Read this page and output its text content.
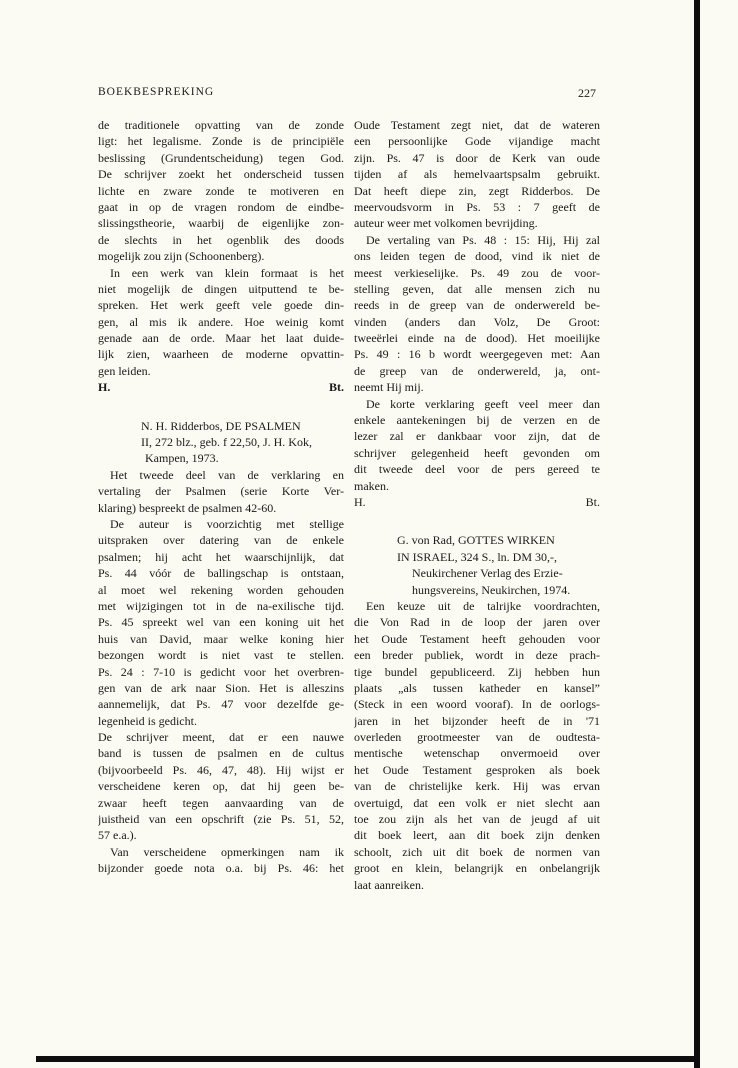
BOEKBESPREKING	227
de traditionele opvatting van de zonde
ligt: het legalisme. Zonde is de principiële
beslissing (Grundentscheidung) tegen God.
De schrijver zoekt het onderscheid tussen
lichte en zware zonde te motiveren en
gaat in op de vragen rondom de eindbe-
slissingstheorie, waarbij de eigenlijke zon-
de slechts in het ogenblik des doods
mogelijk zou zijn (Schoonenberg).
In een werk van klein formaat is het
niet mogelijk de dingen uitputtend te be-
spreken. Het werk geeft vele goede din-
gen, al mis ik andere. Hoe weinig komt
genade aan de orde. Maar het laat duide-
lijk zien, waarheen de moderne opvattin-
gen leiden.
H.	Bt.
N. H. Ridderbos, DE PSALMEN
II, 272 blz., geb. f 22,50, J. H. Kok,
Kampen, 1973.
Het tweede deel van de verklaring en
vertaling der Psalmen (serie Korte Ver-
klaring) bespreekt de psalmen 42-60.
De auteur is voorzichtig met stellige
uitspraken over datering van de enkele
psalmen; hij acht het waarschijnlijk, dat
Ps. 44 vóór de ballingschap is ontstaan,
al moet wel rekening worden gehouden
met wijzigingen tot in de na-exilische tijd.
Ps. 45 spreekt wel van een koning uit het
huis van David, maar welke koning hier
bezongen wordt is niet vast te stellen.
Ps. 24 : 7-10 is gedicht voor het overbren-
gen van de ark naar Sion. Het is alleszins
aannemelijk, dat Ps. 47 voor dezelfde ge-
legenheid is gedicht.
De schrijver meent, dat er een nauwe
band is tussen de psalmen en de cultus
(bijvoorbeeld Ps. 46, 47, 48). Hij wijst er
verscheidene keren op, dat hij geen be-
zwaar heeft tegen aanvaarding van de
juistheid van een opschrift (zie Ps. 51, 52,
57 e.a.).
Van verscheidene opmerkingen nam ik
bijzonder goede nota o.a. bij Ps. 46: het
Oude Testament zegt niet, dat de wateren
een persoonlijke Gode vijandige macht
zijn. Ps. 47 is door de Kerk van oude
tijden af als hemelvaartspsalm gebruikt.
Dat heeft diepe zin, zegt Ridderbos. De
meervoudsvorm in Ps. 53 : 7 geeft de
auteur weer met volkomen bevrijding.
De vertaling van Ps. 48 : 15: Hij, Hij zal
ons leiden tegen de dood, vind ik niet de
meest verkieselijke. Ps. 49 zou de voor-
stelling geven, dat alle mensen zich nu
reeds in de greep van de onderwereld be-
vinden (anders dan Volz, De Groot:
tweeërlei einde na de dood). Het moeilijke
Ps. 49 : 16 b wordt weergegeven met: Aan
de greep van de onderwereld, ja, ont-
neemt Hij mij.
De korte verklaring geeft veel meer dan
enkele aantekeningen bij de verzen en de
lezer zal er dankbaar voor zijn, dat de
schrijver gelegenheid heeft gevonden om
dit tweede deel voor de pers gereed te
maken.
H.	Bt.
G. von Rad, GOTTES WIRKEN
IN ISRAEL, 324 S., ln. DM 30,-,
Neukirchener Verlag des Erzie-
hungsvereins, Neukirchen, 1974.
Een keuze uit de talrijke voordrachten,
die Von Rad in de loop der jaren over
het Oude Testament heeft gehouden voor
een breder publiek, wordt in deze prach-
tige bundel gepubliceerd. Zij hebben hun
plaats „als tussen katheder en kansel”
(Steck in een woord vooraf). In de oorlogs-
jaren in het bijzonder heeft de in '71
overleden grootmeester van de oudtesta-
mentische wetenschap onvermoeid over
het Oude Testament gesproken als boek
van de christelijke kerk. Hij was ervan
overtuigd, dat een volk er niet slecht aan
toe zou zijn als het van de jeugd af uit
dit boek leert, aan dit boek zijn denken
schoolt, zich uit dit boek de normen van
groot en klein, belangrijk en onbelangrijk
laat aanreiken.
